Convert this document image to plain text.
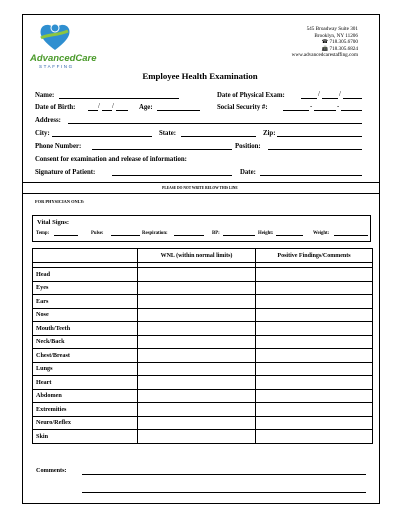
AdvancedCare
STAFFING
545 Broadway Suite 301
Brooklyn, NY 11206
☎ 718.305.6700
📠 718.305.6824
www.advancedcarestaffing.com
Employee Health Examination
Name:	Date of Physical Exam:	/	/
Date of Birth:	/ /	Age:	Social Security #:	-	-
Address:
City:	State:	Zip:
Phone Number:	Position:
Consent for examination and release of information:
Signature of Patient:	Date:
PLEASE DO NOT WRITE BELOW THIS LINE
FOR PHYSICIAN ONLY:
Vital Signs:
Temp:	Pulse:	Respiration:	BP:	Height:	Weight:
	WNL (within normal limits)	Positive Findings/Comments

Head		
Eyes		
Ears		
Nose		
Mouth/Teeth		
Neck/Back		
Chest/Breast		
Lungs		
Heart		
Abdomen		
Extremities		
Neuro/Reflex		
Skin		
Comments:
